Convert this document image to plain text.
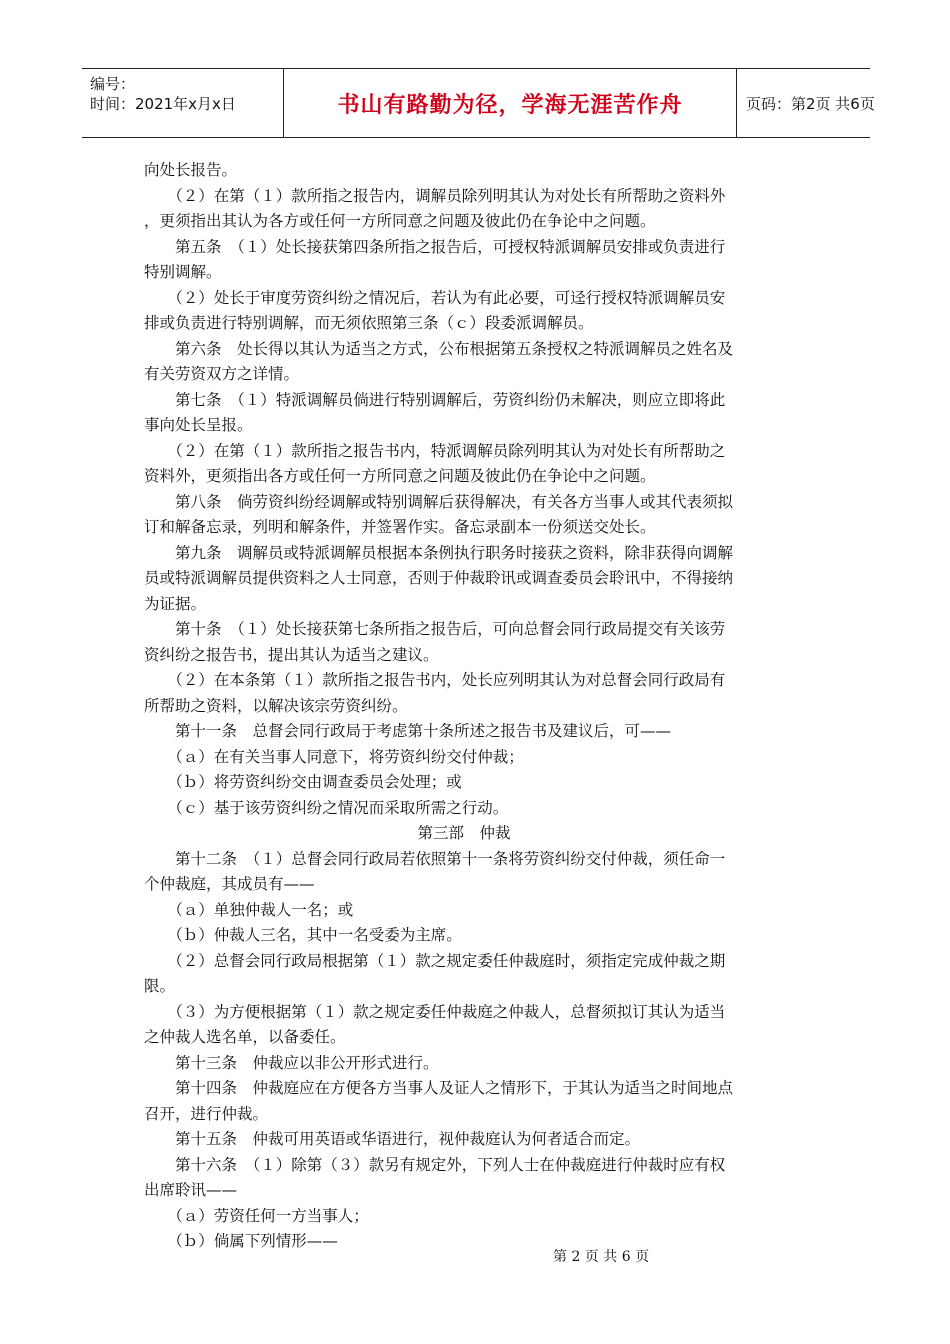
编号：
时间：2021年x月x日	书山有路勤为径，学海无涯苦作舟	页码：第2页 共6页
向处长报告。
　　（２）在第（１）款所指之报告内，调解员除列明其认为对处长有所帮助之资料外
，更须指出其认为各方或任何一方所同意之问题及彼此仍在争论中之问题。
　　第五条　（１）处长接获第四条所指之报告后，可授权特派调解员安排或负责进行
特别调解。
　　（２）处长于审度劳资纠纷之情况后，若认为有此必要，可迳行授权特派调解员安
排或负责进行特别调解，而无须依照第三条（ｃ）段委派调解员。
　　第六条　处长得以其认为适当之方式，公布根据第五条授权之特派调解员之姓名及
有关劳资双方之详情。
　　第七条　（１）特派调解员倘进行特别调解后，劳资纠纷仍未解决，则应立即将此
事向处长呈报。
　　（２）在第（１）款所指之报告书内，特派调解员除列明其认为对处长有所帮助之
资料外，更须指出各方或任何一方所同意之问题及彼此仍在争论中之问题。
　　第八条　倘劳资纠纷经调解或特别调解后获得解决，有关各方当事人或其代表须拟
订和解备忘录，列明和解条件，并签署作实。备忘录副本一份须送交处长。
　　第九条　调解员或特派调解员根据本条例执行职务时接获之资料，除非获得向调解
员或特派调解员提供资料之人士同意，否则于仲裁聆讯或调查委员会聆讯中，不得接纳
为证据。
　　第十条　（１）处长接获第七条所指之报告后，可向总督会同行政局提交有关该劳
资纠纷之报告书，提出其认为适当之建议。
　　（２）在本条第（１）款所指之报告书内，处长应列明其认为对总督会同行政局有
所帮助之资料，以解决该宗劳资纠纷。
　　第十一条　总督会同行政局于考虑第十条所述之报告书及建议后，可——
　　（ａ）在有关当事人同意下，将劳资纠纷交付仲裁；
　　（ｂ）将劳资纠纷交由调查委员会处理；或
　　（ｃ）基于该劳资纠纷之情况而采取所需之行动。
第三部　仲裁
　　第十二条　（１）总督会同行政局若依照第十一条将劳资纠纷交付仲裁，须任命一
个仲裁庭，其成员有——
　　（ａ）单独仲裁人一名；或
　　（ｂ）仲裁人三名，其中一名受委为主席。
　　（２）总督会同行政局根据第（１）款之规定委任仲裁庭时，须指定完成仲裁之期
限。
　　（３）为方便根据第（１）款之规定委任仲裁庭之仲裁人，总督须拟订其认为适当
之仲裁人选名单，以备委任。
　　第十三条　仲裁应以非公开形式进行。
　　第十四条　仲裁庭应在方便各方当事人及证人之情形下，于其认为适当之时间地点
召开，进行仲裁。
　　第十五条　仲裁可用英语或华语进行，视仲裁庭认为何者适合而定。
　　第十六条　（１）除第（３）款另有规定外，下列人士在仲裁庭进行仲裁时应有权
出席聆讯——
　　（ａ）劳资任何一方当事人；
　　（ｂ）倘属下列情形——
第 2 页 共 6 页
